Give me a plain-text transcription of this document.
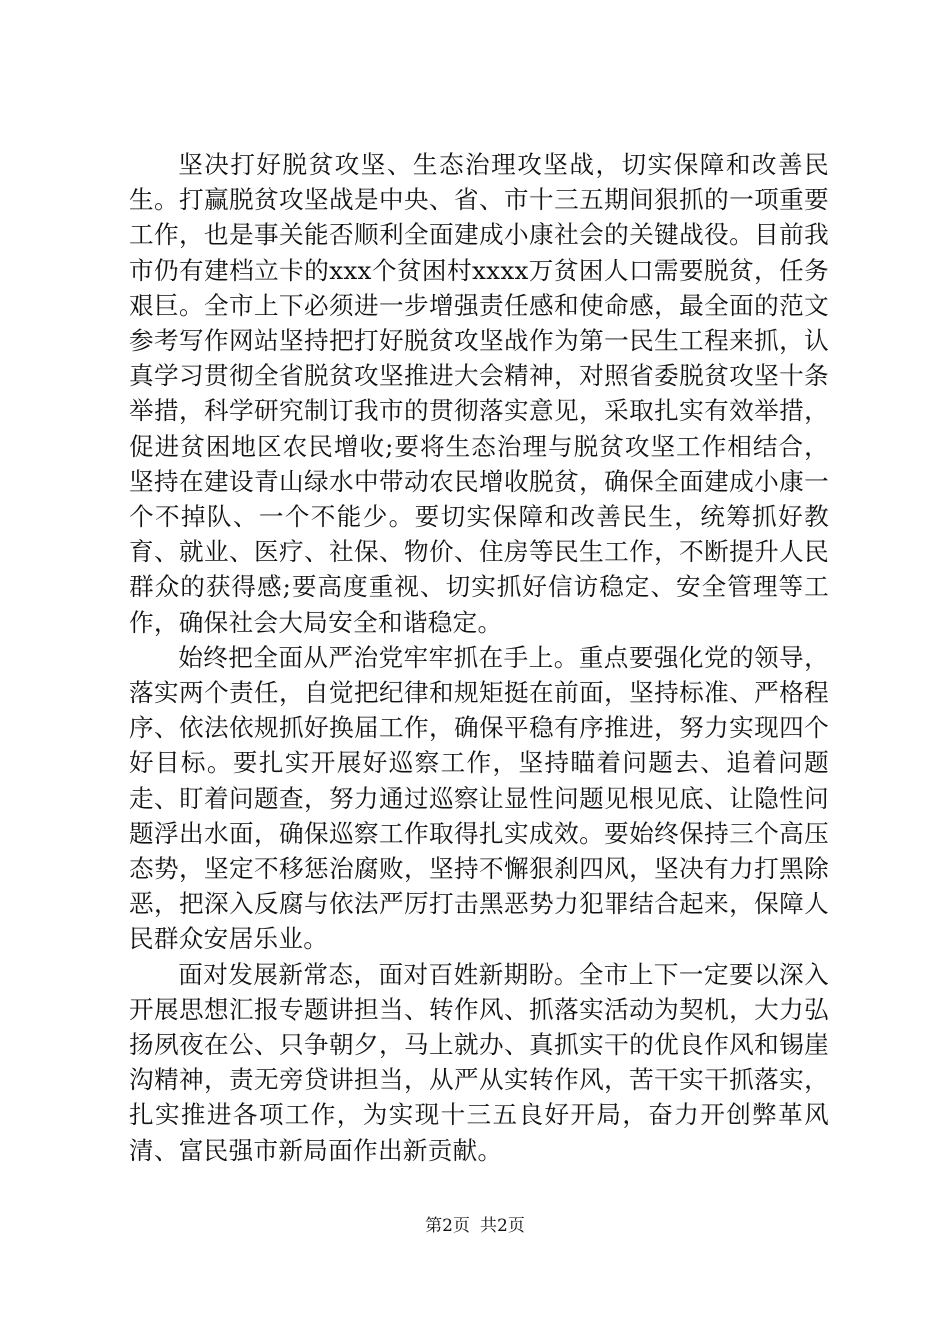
坚决打好脱贫攻坚、生态治理攻坚战，切实保障和改善民生。打赢脱贫攻坚战是中央、省、市十三五期间狠抓的一项重要工作，也是事关能否顺利全面建成小康社会的关键战役。目前我市仍有建档立卡的xxx个贫困村xxxx万贫困人口需要脱贫，任务艰巨。全市上下必须进一步增强责任感和使命感，最全面的范文参考写作网站坚持把打好脱贫攻坚战作为第一民生工程来抓，认真学习贯彻全省脱贫攻坚推进大会精神，对照省委脱贫攻坚十条举措，科学研究制订我市的贯彻落实意见，采取扎实有效举措，促进贫困地区农民增收;要将生态治理与脱贫攻坚工作相结合，坚持在建设青山绿水中带动农民增收脱贫，确保全面建成小康一个不掉队、一个不能少。要切实保障和改善民生，统筹抓好教育、就业、医疗、社保、物价、住房等民生工作，不断提升人民群众的获得感;要高度重视、切实抓好信访稳定、安全管理等工作，确保社会大局安全和谐稳定。

始终把全面从严治党牢牢抓在手上。重点要强化党的领导，落实两个责任，自觉把纪律和规矩挺在前面，坚持标准、严格程序、依法依规抓好换届工作，确保平稳有序推进，努力实现四个好目标。要扎实开展好巡察工作，坚持瞄着问题去、追着问题走、盯着问题查，努力通过巡察让显性问题见根见底、让隐性问题浮出水面，确保巡察工作取得扎实成效。要始终保持三个高压态势，坚定不移惩治腐败，坚持不懈狠刹四风，坚决有力打黑除恶，把深入反腐与依法严厉打击黑恶势力犯罪结合起来，保障人民群众安居乐业。

面对发展新常态，面对百姓新期盼。全市上下一定要以深入开展思想汇报专题讲担当、转作风、抓落实活动为契机，大力弘扬夙夜在公、只争朝夕，马上就办、真抓实干的优良作风和锡崖沟精神，责无旁贷讲担当，从严从实转作风，苦干实干抓落实，扎实推进各项工作，为实现十三五良好开局，奋力开创弊革风清、富民强市新局面作出新贡献。

第2页 共2页
